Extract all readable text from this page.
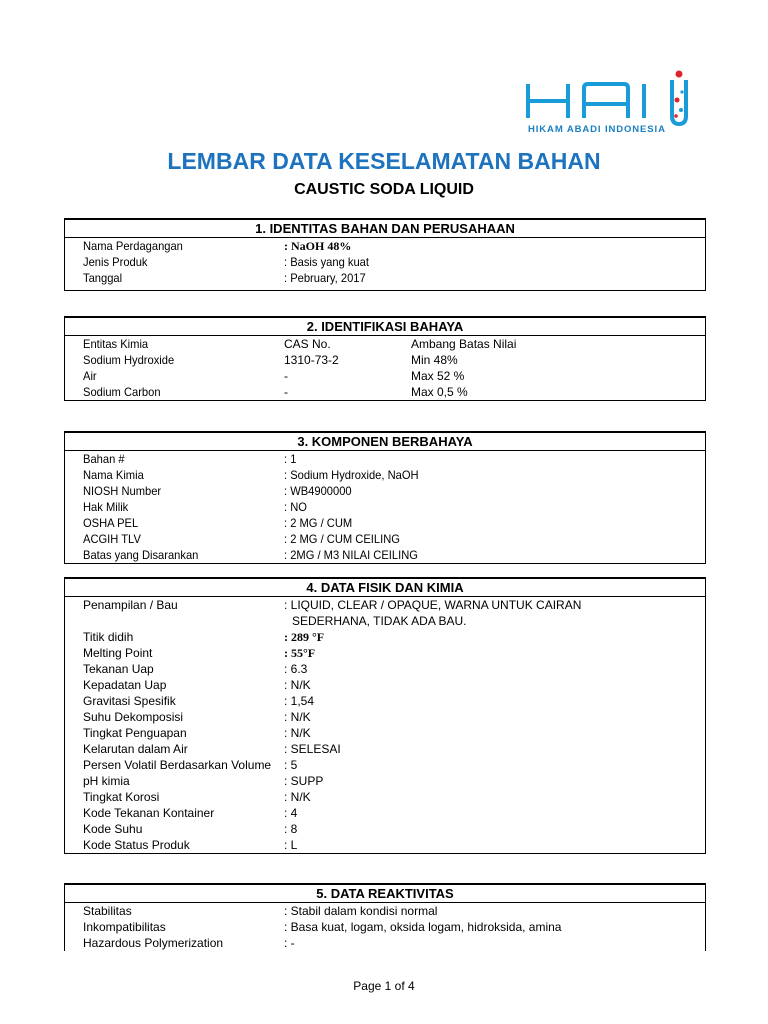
HIKAM ABADI INDONESIA
LEMBAR DATA KESELAMATAN BAHAN
CAUSTIC SODA LIQUID
1. IDENTITAS BAHAN DAN PERUSAHAAN
Nama Perdagangan	: NaOH 48%
Jenis Produk	: Basis yang kuat
Tanggal	: Pebruary, 2017
2. IDENTIFIKASI BAHAYA
Entitas Kimia	CAS No.	Ambang Batas Nilai
Sodium Hydroxide	1310-73-2	Min 48%
Air	-	Max 52 %
Sodium Carbon	-	Max 0,5 %
3. KOMPONEN BERBAHAYA
Bahan #	: 1
Nama Kimia	: Sodium Hydroxide, NaOH
NIOSH Number	: WB4900000
Hak Milik	: NO
OSHA PEL	: 2 MG / CUM
ACGIH TLV	: 2 MG / CUM CEILING
Batas yang Disarankan	: 2MG / M3 NILAI CEILING
4. DATA FISIK DAN KIMIA
Penampilan / Bau	: LIQUID, CLEAR / OPAQUE, WARNA UNTUK CAIRAN
SEDERHANA, TIDAK ADA BAU.
Titik didih	: 289 °F
Melting Point	: 55°F
Tekanan Uap	: 6.3
Kepadatan Uap	: N/K
Gravitasi Spesifik	: 1,54
Suhu Dekomposisi	: N/K
Tingkat Penguapan	: N/K
Kelarutan dalam Air	: SELESAI
Persen Volatil Berdasarkan Volume : 5
pH kimia	: SUPP
Tingkat Korosi	: N/K
Kode Tekanan Kontainer	: 4
Kode Suhu	: 8
Kode Status Produk	: L
5. DATA REAKTIVITAS
Stabilitas	: Stabil dalam kondisi normal
Inkompatibilitas	: Basa kuat, logam, oksida logam, hidroksida, amina
Hazardous Polymerization	: -
Page 1 of 4
